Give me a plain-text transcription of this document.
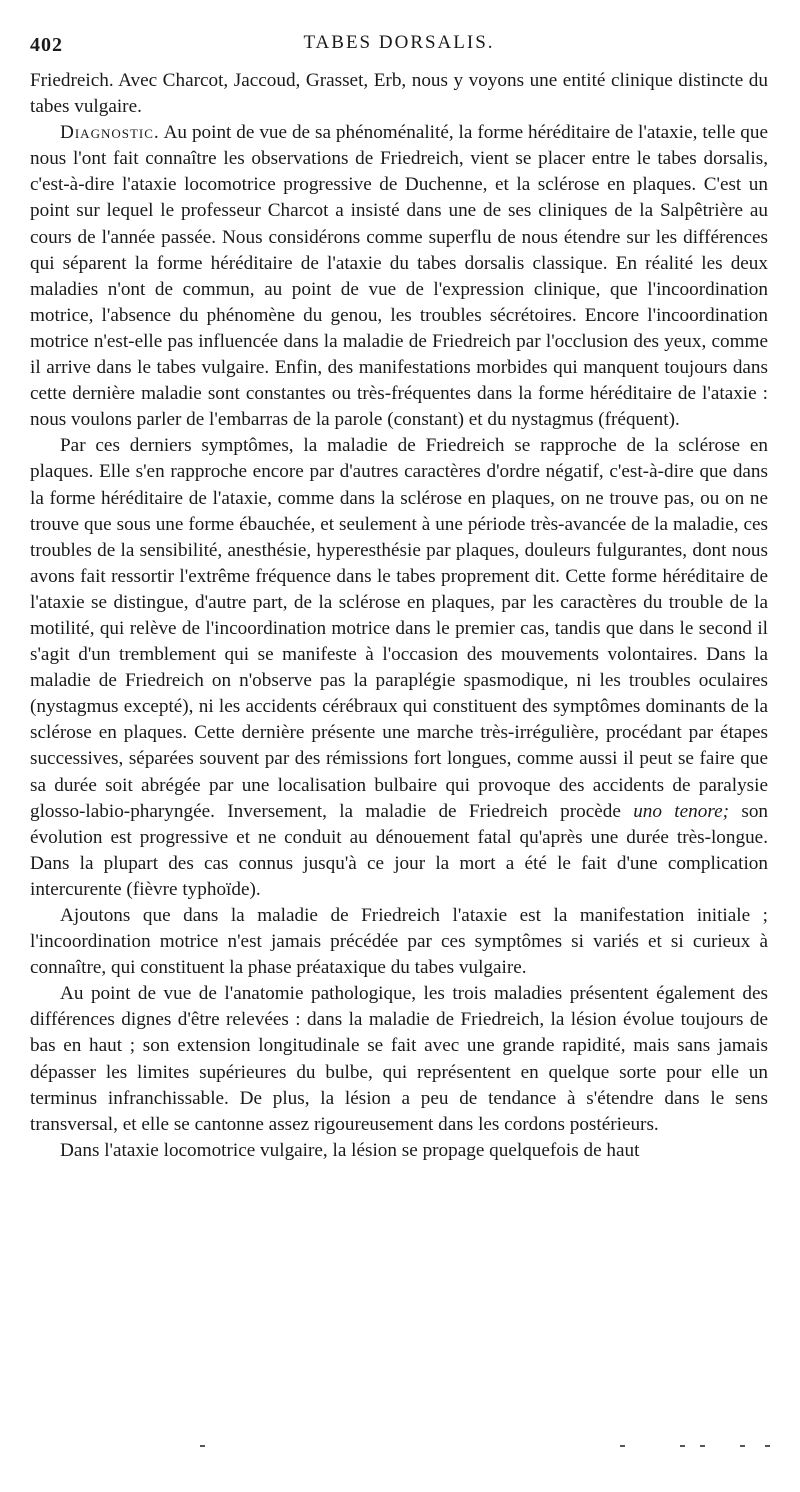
402	TABES DORSALIS.

Friedreich. Avec Charcot, Jaccoud, Grasset, Erb, nous y voyons une entité clinique distincte du tabes vulgaire.

Diagnostic. Au point de vue de sa phénoménalité, la forme héréditaire de l'ataxie, telle que nous l'ont fait connaître les observations de Friedreich, vient se placer entre le tabes dorsalis, c'est-à-dire l'ataxie locomotrice progressive de Duchenne, et la sclérose en plaques. C'est un point sur lequel le professeur Charcot a insisté dans une de ses cliniques de la Salpêtrière au cours de l'année passée. Nous considérons comme superflu de nous étendre sur les différences qui séparent la forme héréditaire de l'ataxie du tabes dorsalis classique. En réalité les deux maladies n'ont de commun, au point de vue de l'expression clinique, que l'incoordination motrice, l'absence du phénomène du genou, les troubles sécrétoires. Encore l'incoordination motrice n'est-elle pas influencée dans la maladie de Friedreich par l'occlusion des yeux, comme il arrive dans le tabes vulgaire. Enfin, des manifestations morbides qui manquent toujours dans cette dernière maladie sont constantes ou très-fréquentes dans la forme héréditaire de l'ataxie : nous voulons parler de l'embarras de la parole (constant) et du nystagmus (fréquent).

Par ces derniers symptômes, la maladie de Friedreich se rapproche de la sclérose en plaques. Elle s'en rapproche encore par d'autres caractères d'ordre négatif, c'est-à-dire que dans la forme héréditaire de l'ataxie, comme dans la sclérose en plaques, on ne trouve pas, ou on ne trouve que sous une forme ébauchée, et seulement à une période très-avancée de la maladie, ces troubles de la sensibilité, anesthésie, hyperesthésie par plaques, douleurs fulgurantes, dont nous avons fait ressortir l'extrême fréquence dans le tabes proprement dit. Cette forme héréditaire de l'ataxie se distingue, d'autre part, de la sclérose en plaques, par les caractères du trouble de la motilité, qui relève de l'incoordination motrice dans le premier cas, tandis que dans le second il s'agit d'un tremblement qui se manifeste à l'occasion des mouvements volontaires. Dans la maladie de Friedreich on n'observe pas la paraplégie spasmodique, ni les troubles oculaires (nystagmus excepté), ni les accidents cérébraux qui constituent des symptômes dominants de la sclérose en plaques. Cette dernière présente une marche très-irrégulière, procédant par étapes successives, séparées souvent par des rémissions fort longues, comme aussi il peut se faire que sa durée soit abrégée par une localisation bulbaire qui provoque des accidents de paralysie glosso-labio-pharyngée. Inversement, la maladie de Friedreich procède uno tenore; son évolution est progressive et ne conduit au dénouement fatal qu'après une durée très-longue. Dans la plupart des cas connus jusqu'à ce jour la mort a été le fait d'une complication intercurente (fièvre typhoïde).

Ajoutons que dans la maladie de Friedreich l'ataxie est la manifestation initiale ; l'incoordination motrice n'est jamais précédée par ces symptômes si variés et si curieux à connaître, qui constituent la phase préataxique du tabes vulgaire.

Au point de vue de l'anatomie pathologique, les trois maladies présentent également des différences dignes d'être relevées : dans la maladie de Friedreich, la lésion évolue toujours de bas en haut ; son extension longitudinale se fait avec une grande rapidité, mais sans jamais dépasser les limites supérieures du bulbe, qui représentent en quelque sorte pour elle un terminus infranchissable. De plus, la lésion a peu de tendance à s'étendre dans le sens transversal, et elle se cantonne assez rigoureusement dans les cordons postérieurs.

Dans l'ataxie locomotrice vulgaire, la lésion se propage quelquefois de haut
